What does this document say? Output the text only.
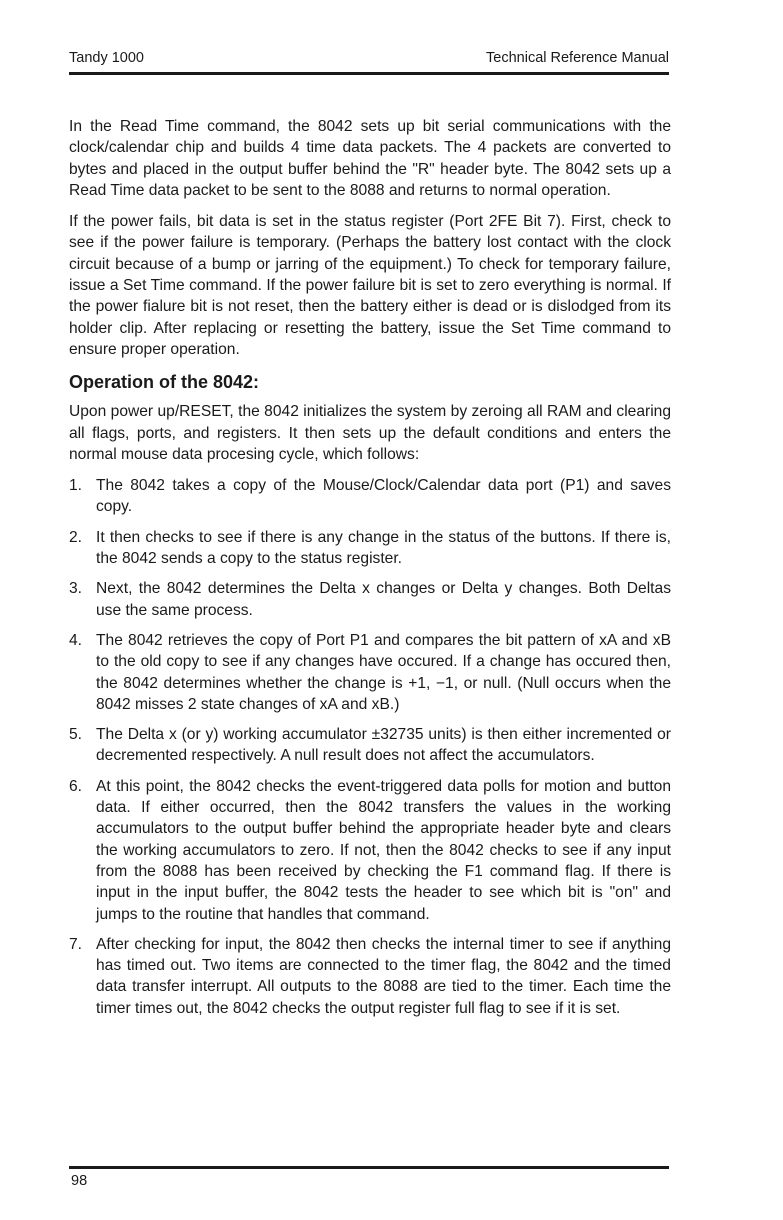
Tandy 1000	Technical Reference Manual

In the Read Time command, the 8042 sets up bit serial communications with the clock/calendar chip and builds 4 time data packets. The 4 packets are converted to bytes and placed in the output buffer behind the "R" header byte. The 8042 sets up a Read Time data packet to be sent to the 8088 and returns to normal operation.

If the power fails, bit data is set in the status register (Port 2FE Bit 7). First, check to see if the power failure is temporary. (Perhaps the battery lost contact with the clock circuit because of a bump or jarring of the equipment.) To check for temporary failure, issue a Set Time command. If the power failure bit is set to zero everything is normal. If the power fialure bit is not reset, then the battery either is dead or is dislodged from its holder clip. After replacing or resetting the battery, issue the Set Time command to ensure proper operation.

Operation of the 8042:

Upon power up/RESET, the 8042 initializes the system by zeroing all RAM and clearing all flags, ports, and registers. It then sets up the default conditions and enters the normal mouse data procesing cycle, which follows:

1. The 8042 takes a copy of the Mouse/Clock/Calendar data port (P1) and saves copy.
2. It then checks to see if there is any change in the status of the buttons. If there is, the 8042 sends a copy to the status register.
3. Next, the 8042 determines the Delta x changes or Delta y changes. Both Deltas use the same process.
4. The 8042 retrieves the copy of Port P1 and compares the bit pattern of xA and xB to the old copy to see if any changes have occured. If a change has occured then, the 8042 determines whether the change is +1, −1, or null. (Null occurs when the 8042 misses 2 state changes of xA and xB.)
5. The Delta x (or y) working accumulator ±32735 units) is then either incremented or decremented respectively. A null result does not affect the accumulators.
6. At this point, the 8042 checks the event-triggered data polls for motion and button data. If either occurred, then the 8042 transfers the values in the working accumulators to the output buffer behind the appropriate header byte and clears the working accumulators to zero. If not, then the 8042 checks to see if any input from the 8088 has been received by checking the F1 command flag. If there is input in the input buffer, the 8042 tests the header to see which bit is "on" and jumps to the routine that handles that command.
7. After checking for input, the 8042 then checks the internal timer to see if anything has timed out. Two items are connected to the timer flag, the 8042 and the timed data transfer interrupt. All outputs to the 8088 are tied to the timer. Each time the timer times out, the 8042 checks the output register full flag to see if it is set.
98
